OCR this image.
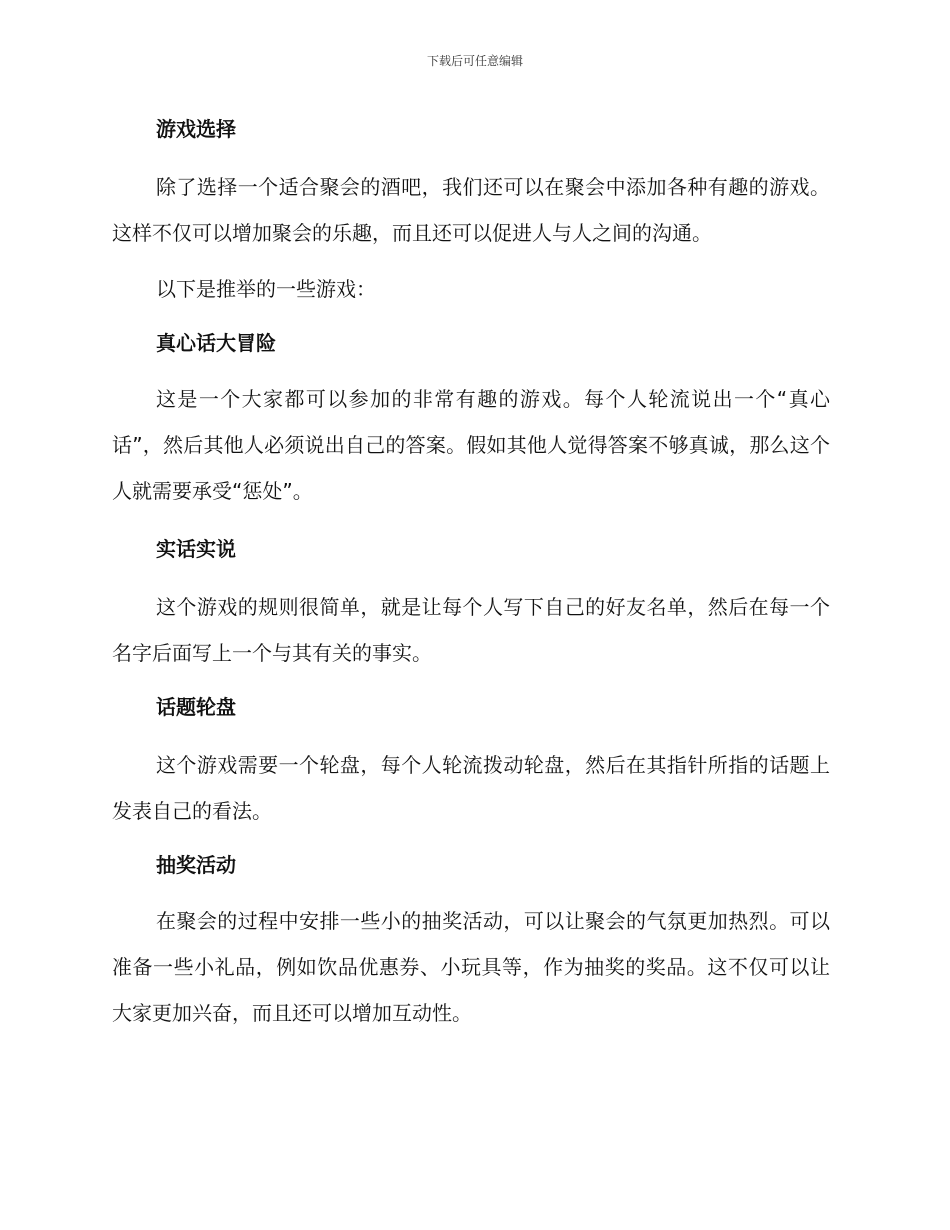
下载后可任意编辑
游戏选择

除了选择一个适合聚会的酒吧，我们还可以在聚会中添加各种有趣的游戏。这样不仅可以增加聚会的乐趣，而且还可以促进人与人之间的沟通。

以下是推举的一些游戏：

真心话大冒险

这是一个大家都可以参加的非常有趣的游戏。每个人轮流说出一个“真心话”，然后其他人必须说出自己的答案。假如其他人觉得答案不够真诚，那么这个人就需要承受“惩处”。

实话实说

这个游戏的规则很简单，就是让每个人写下自己的好友名单，然后在每一个名字后面写上一个与其有关的事实。

话题轮盘

这个游戏需要一个轮盘，每个人轮流拨动轮盘，然后在其指针所指的话题上发表自己的看法。

抽奖活动

在聚会的过程中安排一些小的抽奖活动，可以让聚会的气氛更加热烈。可以准备一些小礼品，例如饮品优惠券、小玩具等，作为抽奖的奖品。这不仅可以让大家更加兴奋，而且还可以增加互动性。
